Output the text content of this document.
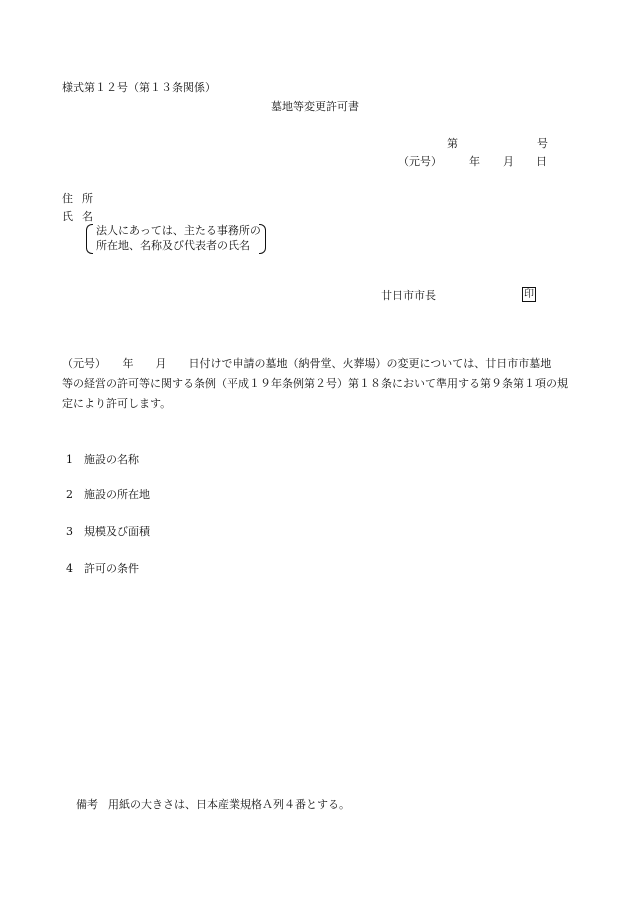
様式第１２号（第１３条関係）
墓地等変更許可書
第	号
（元号） 年 月 日
住所
氏名
法人にあっては、主たる事務所の
所在地、名称及び代表者の氏名
廿日市市長	印
（元号）　　年　　月　　日付けで申請の墓地（納骨堂、火葬場）の変更については、廿日市市墓地
等の経営の許可等に関する条例（平成１９年条例第２号）第１８条において準用する第９条第１項の規
定により許可します。
1 施設の名称
2 施設の所在地
3 規模及び面積
4 許可の条件
備考 用紙の大きさは、日本産業規格Ａ列４番とする。
